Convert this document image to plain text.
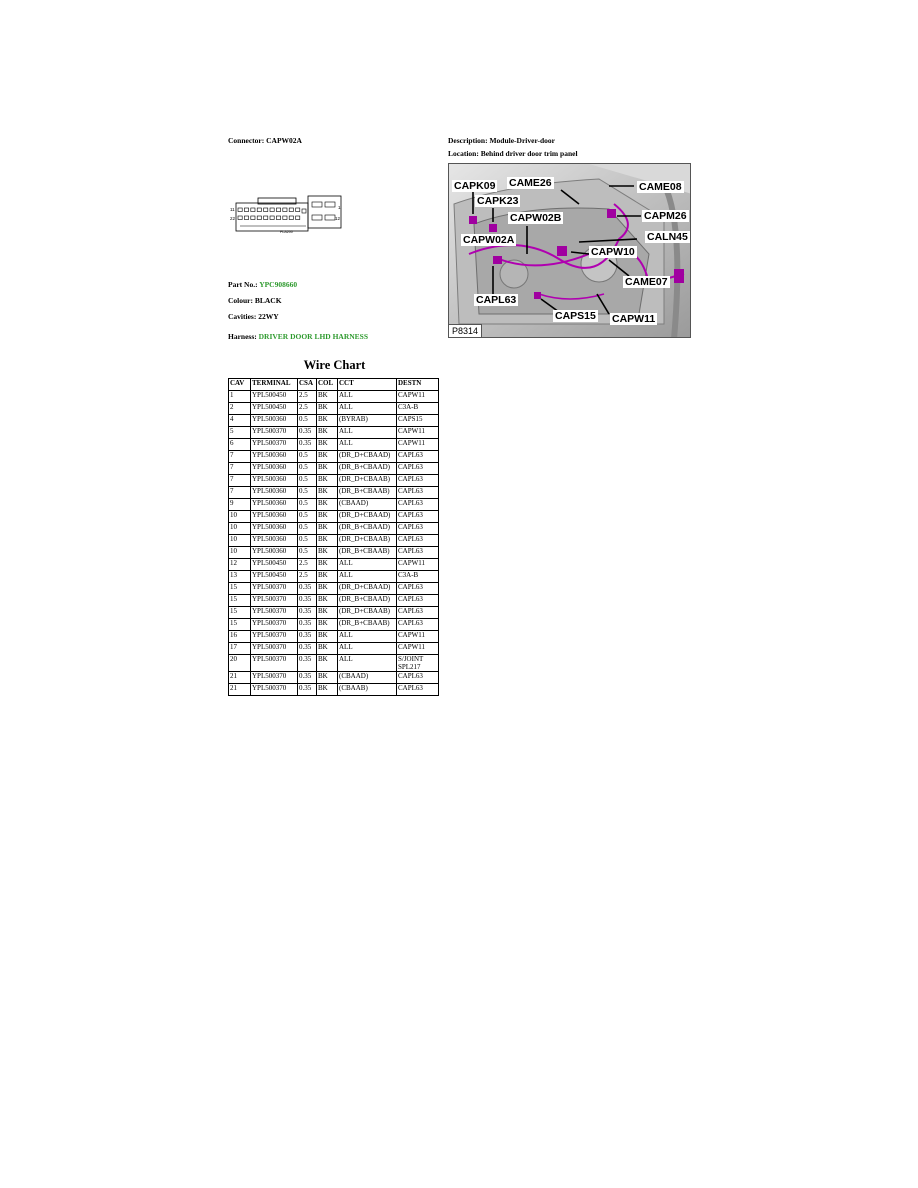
Connector: CAPW02A	Description: Module-Driver-door
Location: Behind driver door trim panel
11	1
22	12
PLA200
Part No.: YPC908660
Colour: BLACK
Cavities: 22WY
Harness: DRIVER DOOR LHD HARNESS
CAPK09 CAME26	CAME08
CAPK23
CAPW02B	CAPM26
CAPW02A	CALN45
CAPW10
CAME07
CAPL63
CAPS15 CAPW11
P8314
Wire Chart
CAV	TERMINAL	CSA	COL	CCT	DESTN
1	YPL500450	2.5	BK	ALL	CAPW11
2	YPL500450	2.5	BK	ALL	C3A-B
4	YPL500360	0.5	BK	(BYRAB)	CAPS15
5	YPL500370	0.35	BK	ALL	CAPW11
6	YPL500370	0.35	BK	ALL	CAPW11
7	YPL500360	0.5	BK	(DR_D+CBAAD)	CAPL63
7	YPL500360	0.5	BK	(DR_B+CBAAD)	CAPL63
7	YPL500360	0.5	BK	(DR_D+CBAAB)	CAPL63
7	YPL500360	0.5	BK	(DR_B+CBAAB)	CAPL63
9	YPL500360	0.5	BK	(CBAAD)	CAPL63
10	YPL500360	0.5	BK	(DR_D+CBAAD)	CAPL63
10	YPL500360	0.5	BK	(DR_B+CBAAD)	CAPL63
10	YPL500360	0.5	BK	(DR_D+CBAAB)	CAPL63
10	YPL500360	0.5	BK	(DR_B+CBAAB)	CAPL63
12	YPL500450	2.5	BK	ALL	CAPW11
13	YPL500450	2.5	BK	ALL	C3A-B
15	YPL500370	0.35	BK	(DR_D+CBAAD)	CAPL63
15	YPL500370	0.35	BK	(DR_B+CBAAD)	CAPL63
15	YPL500370	0.35	BK	(DR_D+CBAAB)	CAPL63
15	YPL500370	0.35	BK	(DR_B+CBAAB)	CAPL63
16	YPL500370	0.35	BK	ALL	CAPW11
17	YPL500370	0.35	BK	ALL	CAPW11
20	YPL500370	0.35	BK	ALL	S/JOINT SPL217
21	YPL500370	0.35	BK	(CBAAD)	CAPL63
21	YPL500370	0.35	BK	(CBAAB)	CAPL63
